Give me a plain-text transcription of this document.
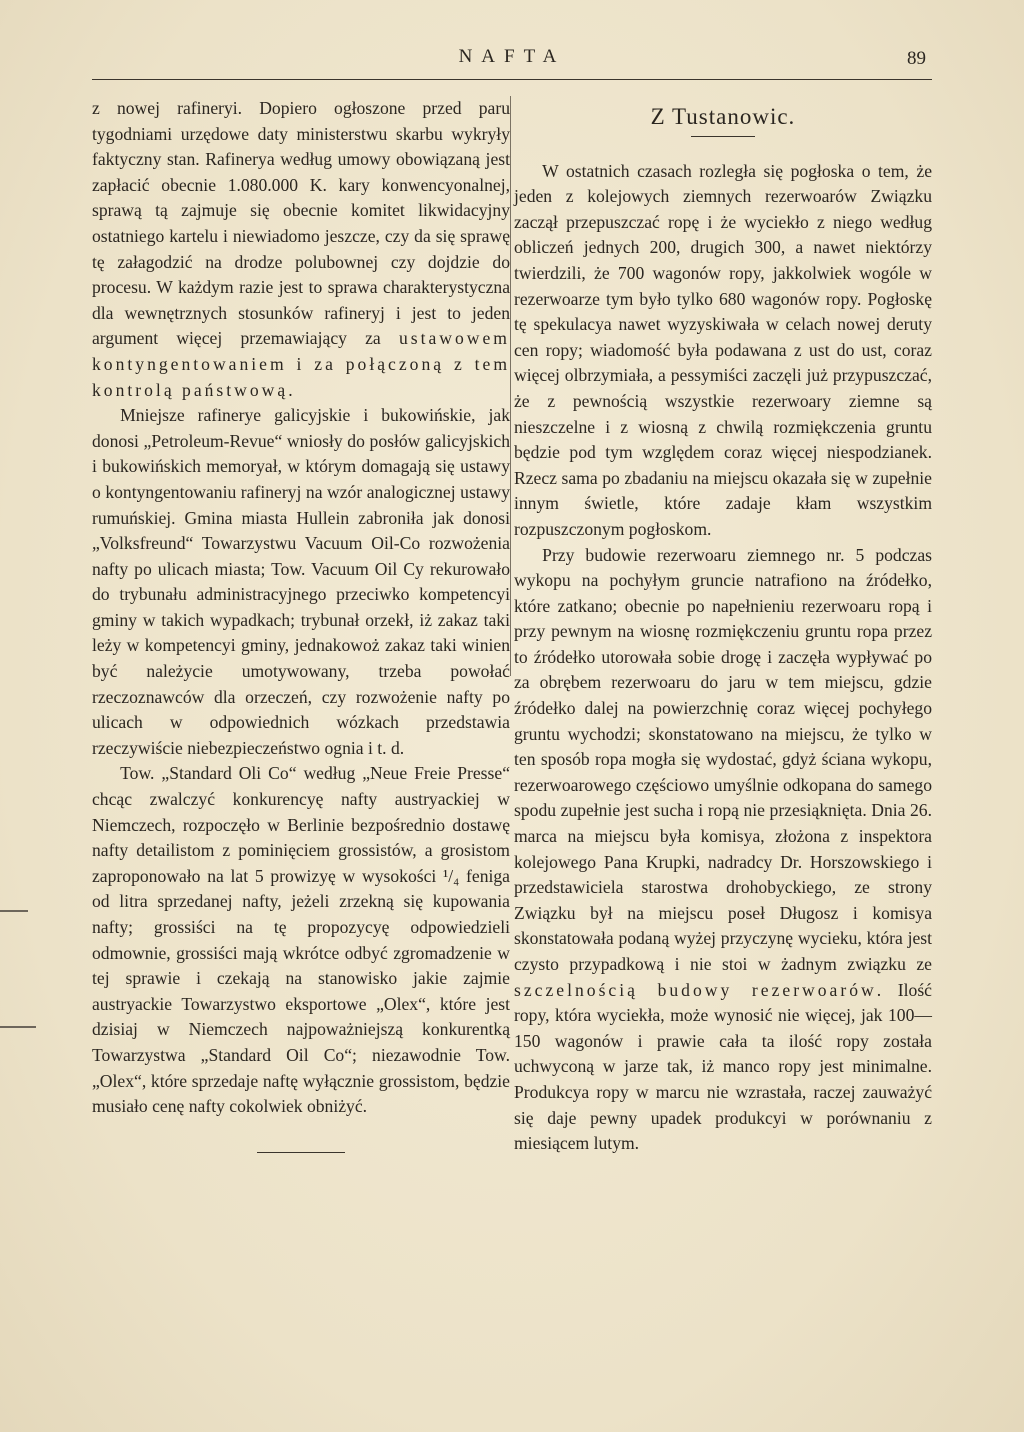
NAFTA	89

z nowej rafineryi. Dopiero ogłoszone przed paru tygodniami urzędowe daty ministerstwu skarbu wykryły faktyczny stan. Rafinerya według umowy obowiązaną jest zapłacić obecnie 1.080.000 K. kary konwencyonalnej, sprawą tą zajmuje się obecnie komitet likwidacyjny ostatniego kartelu i niewiadomo jeszcze, czy da się sprawę tę załagodzić na drodze polubownej czy dojdzie do procesu. W każdym razie jest to sprawa charakterystyczna dla wewnętrznych stosunków rafineryj i jest to jeden argument więcej przemawiający za ustawowem kontyngentowaniem i za połączoną z tem kontrolą państwową.

Mniejsze rafinerye galicyjskie i bukowińskie, jak donosi „Petroleum-Revue“ wniosły do posłów galicyjskich i bukowińskich memoryał, w którym domagają się ustawy o kontyngentowaniu rafineryj na wzór analogicznej ustawy rumuńskiej. Gmina miasta Hullein zabroniła jak donosi „Volksfreund“ Towarzystwu Vacuum Oil-Co rozwożenia nafty po ulicach miasta; Tow. Vacuum Oil Cy rekurowało do trybunału administracyjnego przeciwko kompetencyi gminy w takich wypadkach; trybunał orzekł, iż zakaz taki leży w kompetencyi gminy, jednakowoż zakaz taki winien być należycie umotywowany, trzeba powołać rzeczoznawców dla orzeczeń, czy rozwożenie nafty po ulicach w odpowiednich wózkach przedstawia rzeczywiście niebezpieczeństwo ognia i t. d.

Tow. „Standard Oli Co“ według „Neue Freie Presse“ chcąc zwalczyć konkurencyę nafty austryackiej w Niemczech, rozpoczęło w Berlinie bezpośrednio dostawę nafty detailistom z pominięciem grossistów, a grosistom zaproponowało na lat 5 prowizyę w wysokości ¹/₄ feniga od litra sprzedanej nafty, jeżeli zrzekną się kupowania nafty; grossiści na tę propozycyę odpowiedzieli odmownie, grossiści mają wkrótce odbyć zgromadzenie w tej sprawie i czekają na stanowisko jakie zajmie austryackie Towarzystwo eksportowe „Olex“, które jest dzisiaj w Niemczech najpoważniejszą konkurentką Towarzystwa „Standard Oil Co“; niezawodnie Tow. „Olex“, które sprzedaje naftę wyłącznie grossistom, będzie musiało cenę nafty cokolwiek obniżyć.

Z Tustanowic.

W ostatnich czasach rozległa się pogłoska o tem, że jeden z kolejowych ziemnych rezerwoarów Związku zaczął przepuszczać ropę i że wyciekło z niego według obliczeń jednych 200, drugich 300, a nawet niektórzy twierdzili, że 700 wagonów ropy, jakkolwiek wogóle w rezerwoarze tym było tylko 680 wagonów ropy. Pogłoskę tę spekulacya nawet wyzyskiwała w celach nowej deruty cen ropy; wiadomość była podawana z ust do ust, coraz więcej olbrzymiała, a pessymiści zaczęli już przypuszczać, że z pewnością wszystkie rezerwoary ziemne są nieszczelne i z wiosną z chwilą rozmiękczenia gruntu będzie pod tym względem coraz więcej niespodzianek. Rzecz sama po zbadaniu na miejscu okazała się w zupełnie innym świetle, które zadaje kłam wszystkim rozpuszczonym pogłoskom.

Przy budowie rezerwoaru ziemnego nr. 5 podczas wykopu na pochyłym gruncie natrafiono na źródełko, które zatkano; obecnie po napełnieniu rezerwoaru ropą i przy pewnym na wiosnę rozmiękczeniu gruntu ropa przez to źródełko utorowała sobie drogę i zaczęła wypływać po za obrębem rezerwoaru do jaru w tem miejscu, gdzie źródełko dalej na powierzchnię coraz więcej pochyłego gruntu wychodzi; skonstatowano na miejscu, że tylko w ten sposób ropa mogła się wydostać, gdyż ściana wykopu, rezerwoarowego częściowo umyślnie odkopana do samego spodu zupełnie jest sucha i ropą nie przesiąknięta. Dnia 26. marca na miejscu była komisya, złożona z inspektora kolejowego Pana Krupki, nadradcy Dr. Horszowskiego i przedstawiciela starostwa drohobyckiego, ze strony Związku był na miejscu poseł Długosz i komisya skonstatowała podaną wyżej przyczynę wycieku, która jest czysto przypadkową i nie stoi w żadnym związku ze szczelnością budowy rezerwoarów. Ilość ropy, która wyciekła, może wynosić nie więcej, jak 100—150 wagonów i prawie cała ta ilość ropy została uchwyconą w jarze tak, iż manco ropy jest minimalne. Produkcya ropy w marcu nie wzrastała, raczej zauważyć się daje pewny upadek produkcyi w porównaniu z miesiącem lutym.
